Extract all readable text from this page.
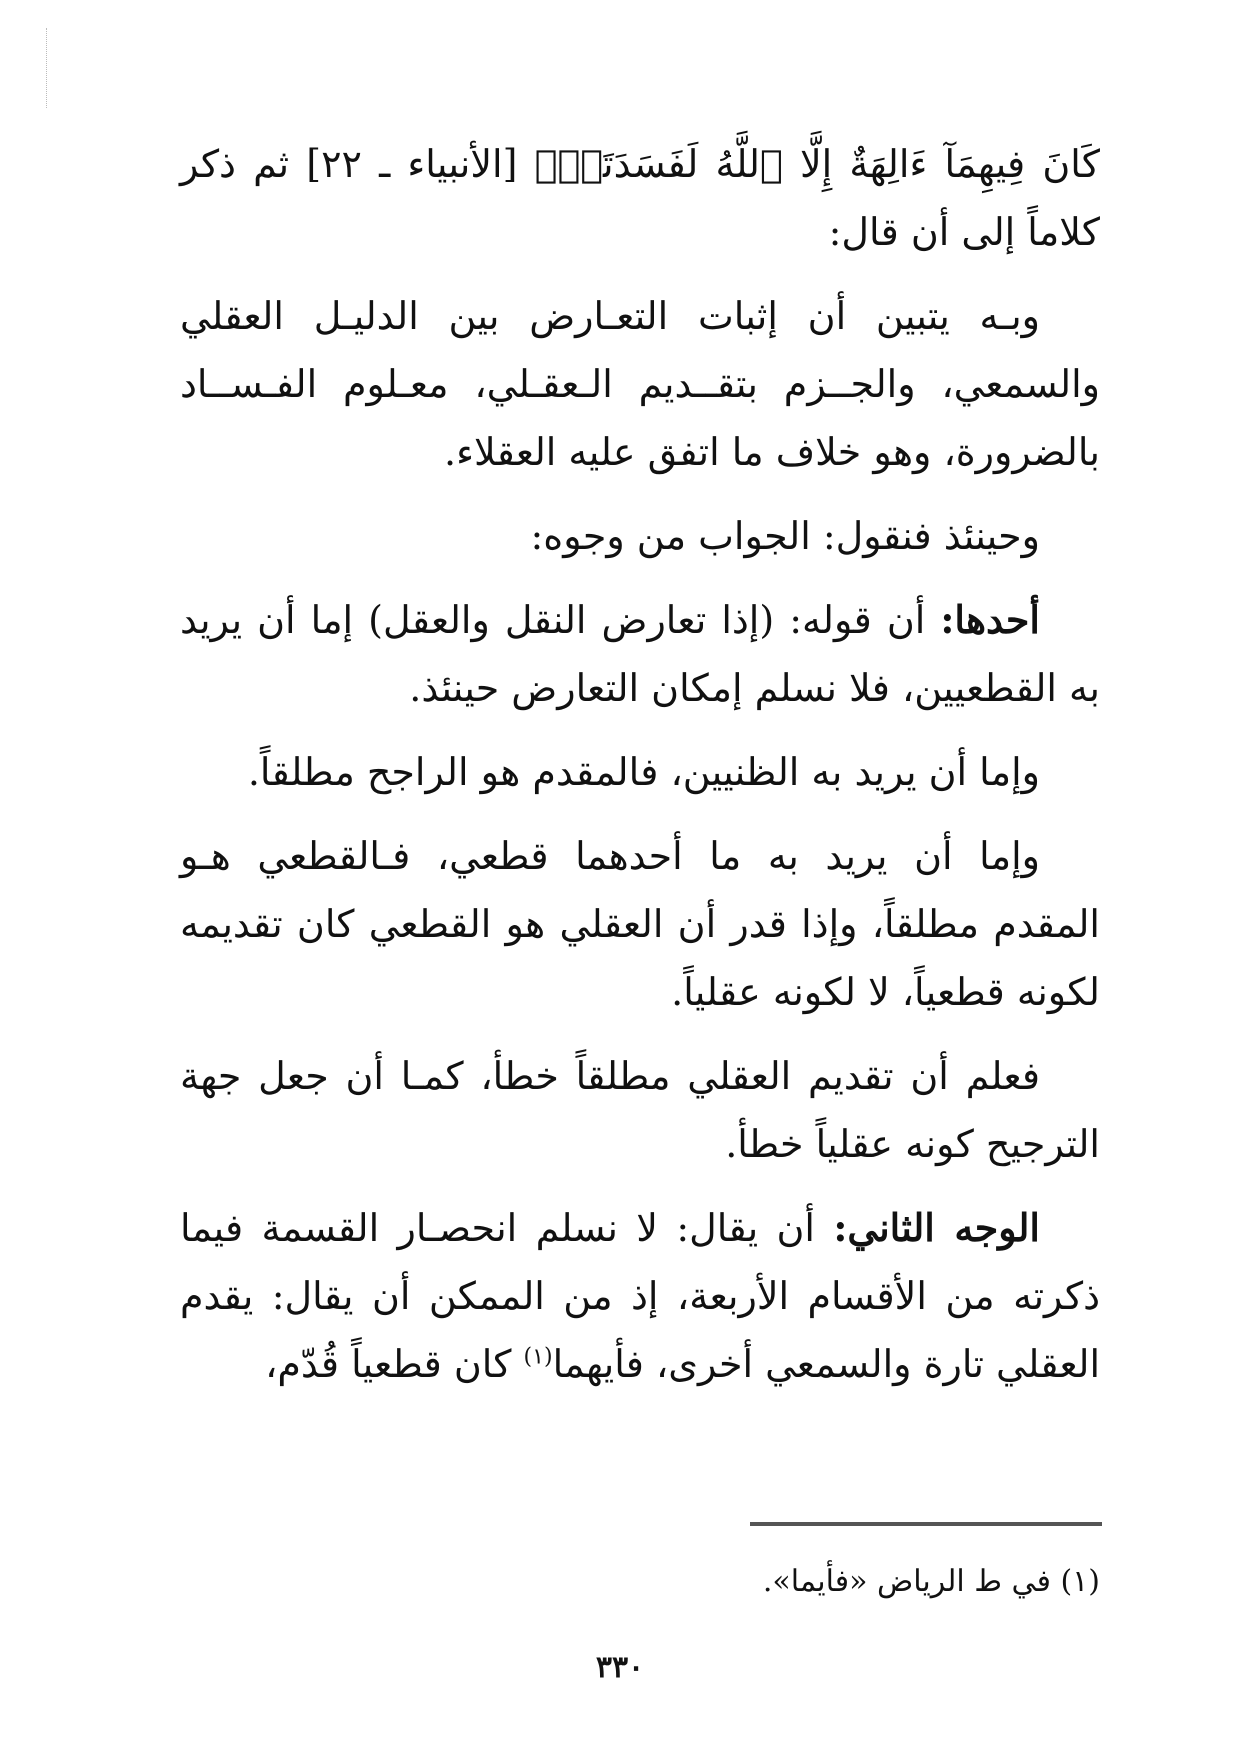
كَانَ فِيهِمَآ ءَالِهَةٌ إِلَّا ٱللَّهُ لَفَسَدَتَاۚ﴾ [الأنبياء ـ ٢٢] ثم ذكر كلاماً إلى أن قال:

وبـه يتبين أن إثبات التعـارض بين الدليـل العقلي والسمعي، والجــزم بتقــديم الـعقـلي، معـلوم الفـســاد بالضرورة، وهو خلاف ما اتفق عليه العقلاء.

وحينئذ فنقول: الجواب من وجوه:

أحدها: أن قوله: (إذا تعارض النقل والعقل) إما أن يريد به القطعيين، فلا نسلم إمكان التعارض حينئذ.

وإما أن يريد به الظنيين، فالمقدم هو الراجح مطلقاً.

وإما أن يريد به ما أحدهما قطعي، فـالقطعي هـو المقدم مطلقاً، وإذا قدر أن العقلي هو القطعي كان تقديمه لكونه قطعياً، لا لكونه عقلياً.

فعلم أن تقديم العقلي مطلقاً خطأ، كمـا أن جعل جهة الترجيح كونه عقلياً خطأ.

الوجه الثاني: أن يقال: لا نسلم انحصـار القسمة فيما ذكرته من الأقسام الأربعة، إذ من الممكن أن يقال: يقدم العقلي تارة والسمعي أخرى، فأيهما$^{(١)}$ كان قطعياً قُدّم،

(١) في ط الرياض «فأيما».
٣٣٠
